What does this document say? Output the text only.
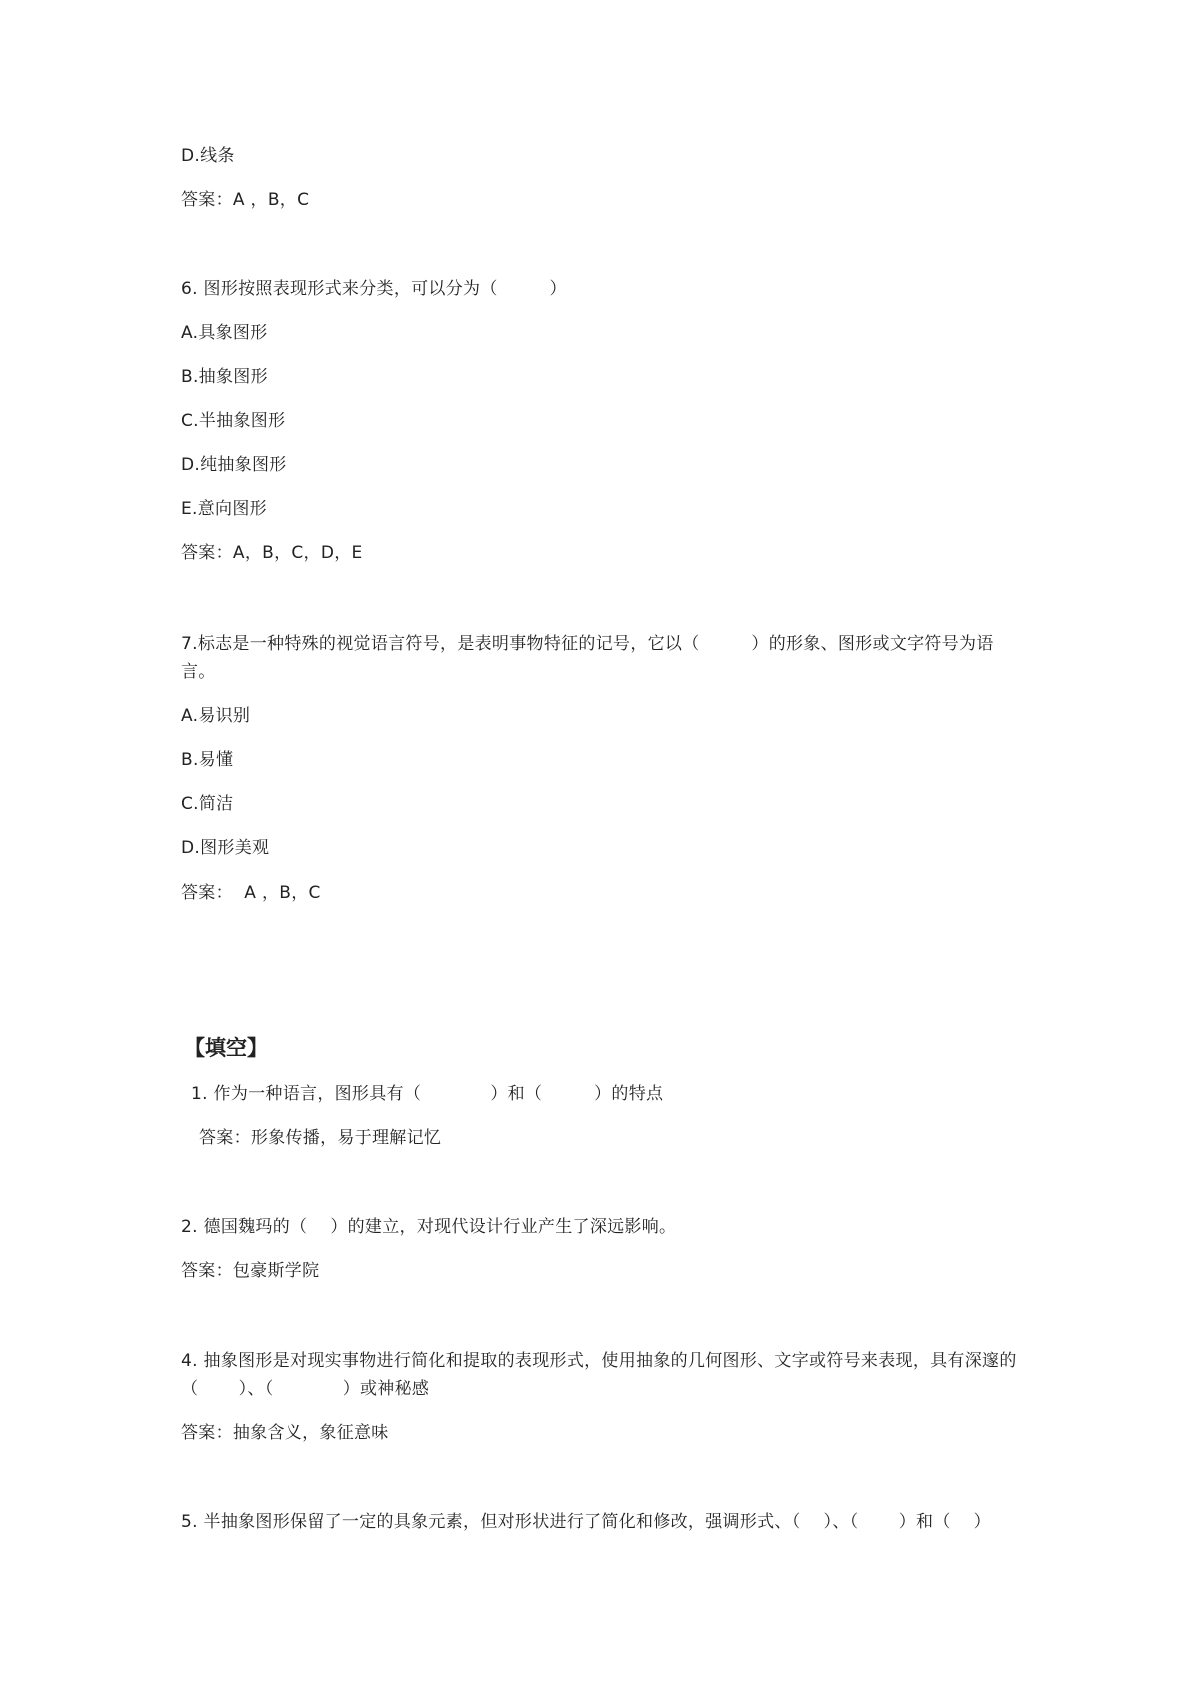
D.线条
答案：A ，B，C
6. 图形按照表现形式来分类，可以分为（　　　）
A.具象图形
B.抽象图形
C.半抽象图形
D.纯抽象图形
E.意向图形
答案：A，B，C，D，E
7.标志是一种特殊的视觉语言符号，是表明事物特征的记号，它以（　　　）的形象、图形或文字符号为语言。
A.易识别
B.易懂
C.简洁
D.图形美观
答案：  A ，B，C
【填空】
1. 作为一种语言，图形具有（　　　　）和（　　　）的特点
答案：形象传播，易于理解记忆
2. 德国魏玛的（　 ）的建立，对现代设计行业产生了深远影响。
答案：包豪斯学院
4. 抽象图形是对现实事物进行简化和提取的表现形式，使用抽象的几何图形、文字或符号来表现，具有深邃的（　　 ）、（　　　　）或神秘感
答案：抽象含义，象征意味
5. 半抽象图形保留了一定的具象元素，但对形状进行了简化和修改，强调形式、（　 ）、（　　 ）和（　 ）
